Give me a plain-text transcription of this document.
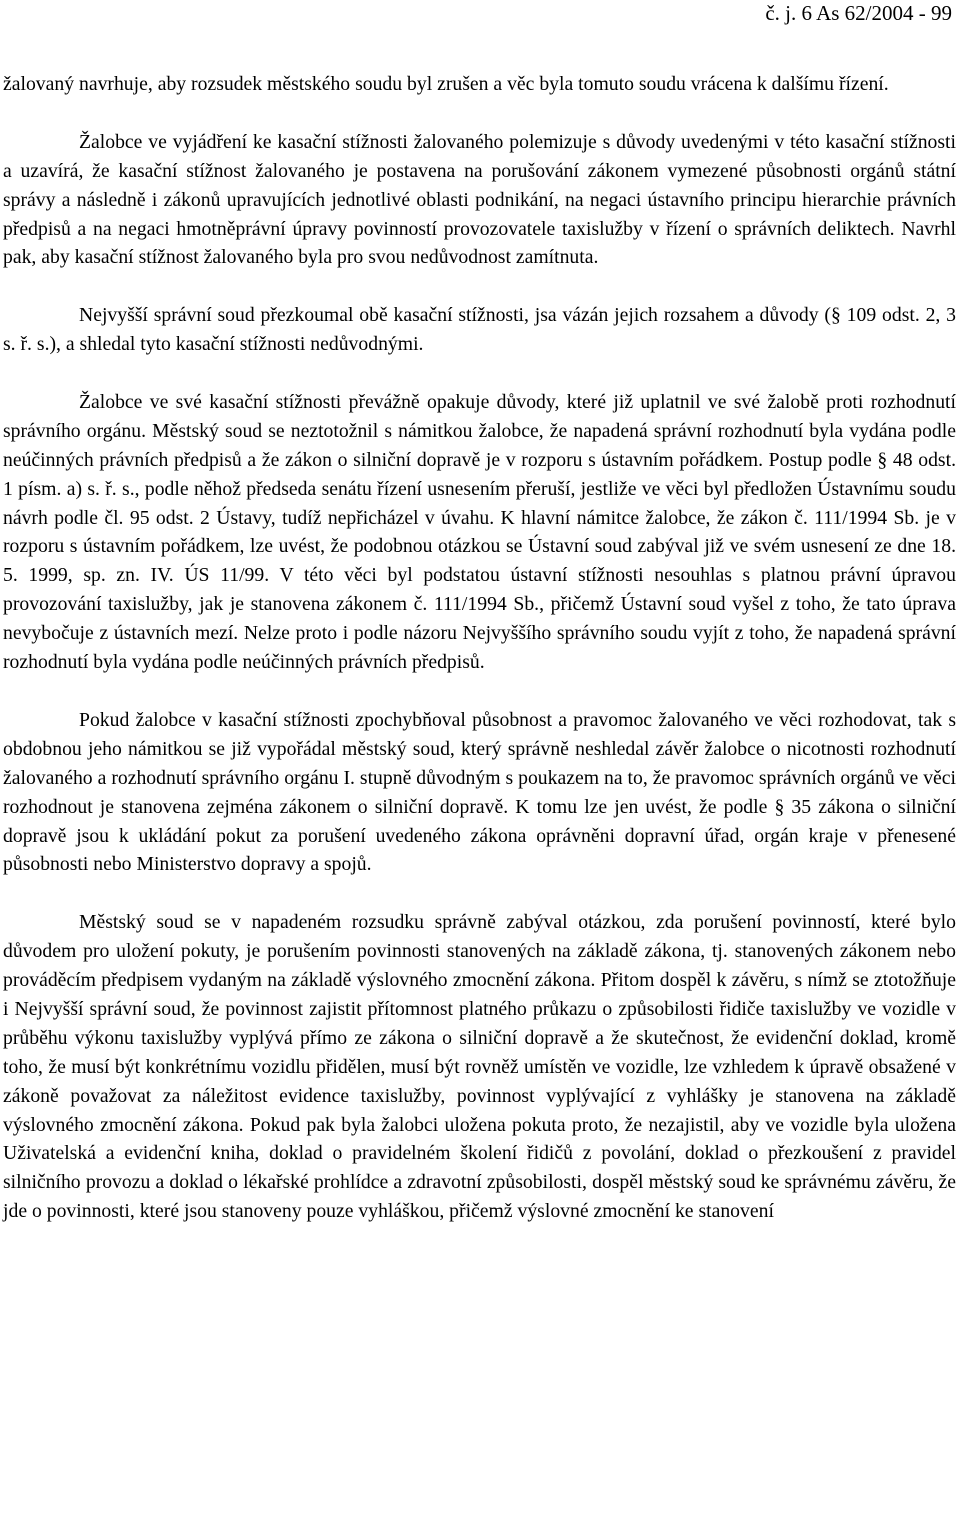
č. j. 6 As 62/2004 - 99

žalovaný navrhuje, aby rozsudek městského soudu byl zrušen a věc byla tomuto soudu vrácena k dalšímu řízení.

Žalobce ve vyjádření ke kasační stížnosti žalovaného polemizuje s důvody uvedenými v této kasační stížnosti a uzavírá, že kasační stížnost žalovaného je postavena na porušování zákonem vymezené působnosti orgánů státní správy a následně i zákonů upravujících jednotlivé oblasti podnikání, na negaci ústavního principu hierarchie právních předpisů a na negaci hmotněprávní úpravy povinností provozovatele taxislužby v řízení o správních deliktech. Navrhl pak, aby kasační stížnost žalovaného byla pro svou nedůvodnost zamítnuta.

Nejvyšší správní soud přezkoumal obě kasační stížnosti, jsa vázán jejich rozsahem a důvody (§ 109 odst. 2, 3 s. ř. s.), a shledal tyto kasační stížnosti nedůvodnými.

Žalobce ve své kasační stížnosti převážně opakuje důvody, které již uplatnil ve své žalobě proti rozhodnutí správního orgánu. Městský soud se neztotožnil s námitkou žalobce, že napadená správní rozhodnutí byla vydána podle neúčinných právních předpisů a že zákon o silniční dopravě je v rozporu s ústavním pořádkem. Postup podle § 48 odst. 1 písm. a) s. ř. s., podle něhož předseda senátu řízení usnesením přeruší, jestliže ve věci byl předložen Ústavnímu soudu návrh podle čl. 95 odst. 2 Ústavy, tudíž nepřicházel v úvahu. K hlavní námitce žalobce, že zákon č. 111/1994 Sb. je v rozporu s ústavním pořádkem, lze uvést, že podobnou otázkou se Ústavní soud zabýval již ve svém usnesení ze dne 18. 5. 1999, sp. zn. IV. ÚS 11/99. V této věci byl podstatou ústavní stížnosti nesouhlas s platnou právní úpravou provozování taxislužby, jak je stanovena zákonem č. 111/1994 Sb., přičemž Ústavní soud vyšel z toho, že tato úprava nevybočuje z ústavních mezí. Nelze proto i podle názoru Nejvyššího správního soudu vyjít z toho, že napadená správní rozhodnutí byla vydána podle neúčinných právních předpisů.

Pokud žalobce v kasační stížnosti zpochybňoval působnost a pravomoc žalovaného ve věci rozhodovat, tak s obdobnou jeho námitkou se již vypořádal městský soud, který správně neshledal závěr žalobce o nicotnosti rozhodnutí žalovaného a rozhodnutí správního orgánu I. stupně důvodným s poukazem na to, že pravomoc správních orgánů ve věci rozhodnout je stanovena zejména zákonem o silniční dopravě. K tomu lze jen uvést, že podle § 35 zákona o silniční dopravě jsou k ukládání pokut za porušení uvedeného zákona oprávněni dopravní úřad, orgán kraje v přenesené působnosti nebo Ministerstvo dopravy a spojů.

Městský soud se v napadeném rozsudku správně zabýval otázkou, zda porušení povinností, které bylo důvodem pro uložení pokuty, je porušením povinnosti stanovených na základě zákona, tj. stanovených zákonem nebo prováděcím předpisem vydaným na základě výslovného zmocnění zákona. Přitom dospěl k závěru, s nímž se ztotožňuje i Nejvyšší správní soud, že povinnost zajistit přítomnost platného průkazu o způsobilosti řidiče taxislužby ve vozidle v průběhu výkonu taxislužby vyplývá přímo ze zákona o silniční dopravě a že skutečnost, že evidenční doklad, kromě toho, že musí být konkrétnímu vozidlu přidělen, musí být rovněž umístěn ve vozidle, lze vzhledem k úpravě obsažené v zákoně považovat za náležitost evidence taxislužby, povinnost vyplývající z vyhlášky je stanovena na základě výslovného zmocnění zákona. Pokud pak byla žalobci uložena pokuta proto, že nezajistil, aby ve vozidle byla uložena Uživatelská a evidenční kniha, doklad o pravidelném školení řidičů z povolání, doklad o přezkoušení z pravidel silničního provozu a doklad o lékařské prohlídce a zdravotní způsobilosti, dospěl městský soud ke správnému závěru, že jde o povinnosti, které jsou stanoveny pouze vyhláškou, přičemž výslovné zmocnění ke stanovení
